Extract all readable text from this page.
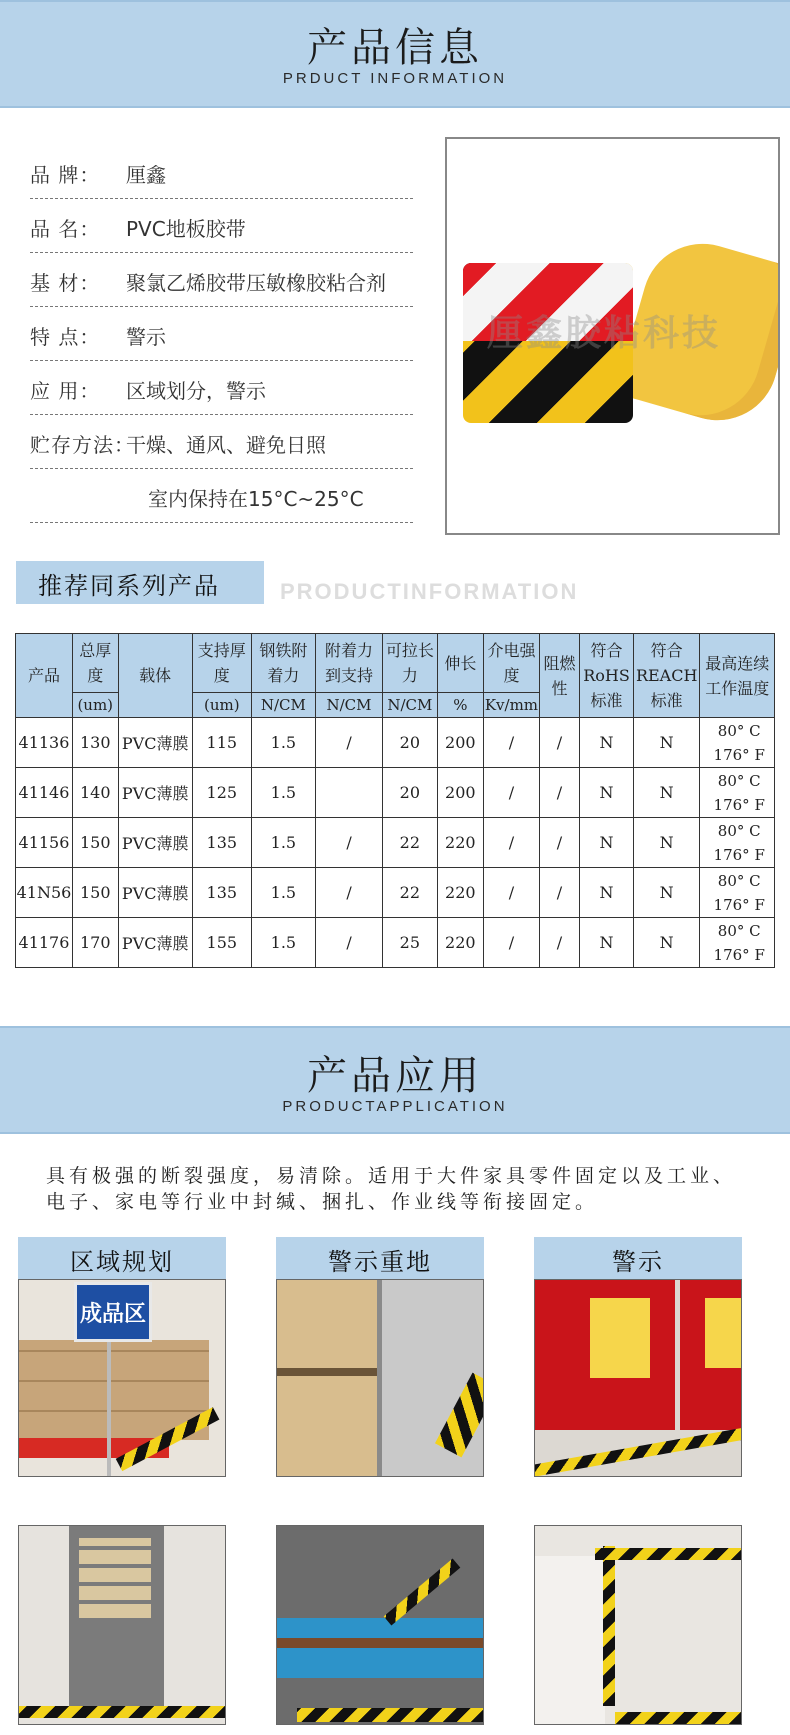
产品信息
PRDUCT INFORMATION
品 牌：	厘鑫
品 名：	PVC地板胶带
基 材：	聚氯乙烯胶带压敏橡胶粘合剂
特 点：	警示
应 用：	区域划分，警示
贮存方法：
干燥、通风、避免日照
室内保持在15°C~25°C
厘鑫胶粘科技
推荐同系列产品	PRODUCTINFORMATION
产品	总厚度	载体	支持厚度	钢铁附着力	附着力到支持	可拉长力	伸长	介电强度	阻燃性	符合RoHS标准	符合REACH标准	最高连续工作温度
	(um)		(um)	N/CM	N/CM	N/CM	%	Kv/mm				
41136	130	PVC薄膜	115	1.5	/	20	200	/	/	N	N	80° C
176° F

41146	140	PVC薄膜	125	1.5		20	200	/	/	N	N	80° C
176° F

41156	150	PVC薄膜	135	1.5	/	22	220	/	/	N	N	80° C
176° F

41N56	150	PVC薄膜	135	1.5	/	22	220	/	/	N	N	80° C
176° F

41176	170	PVC薄膜	155	1.5	/	25	220	/	/	N	N	80° C
176° F
产品应用
PRODUCTAPPLICATION
具有极强的断裂强度，易清除。适用于大件家具零件固定以及工业、电子、家电等行业中封缄、捆扎、作业线等衔接固定。
区域规划
成品区
警示重地	警示
